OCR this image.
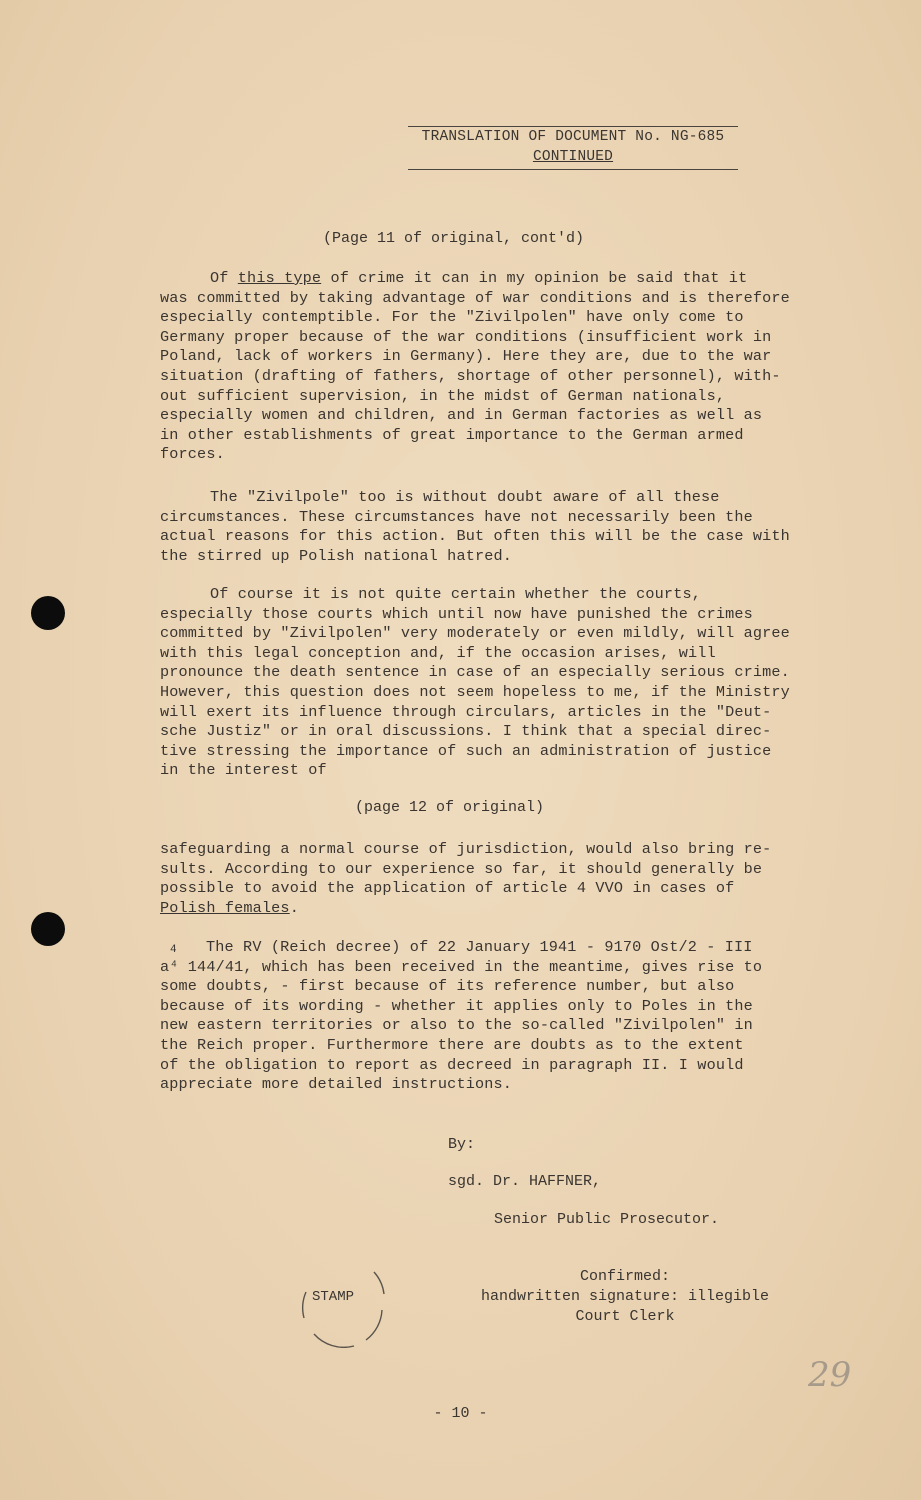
TRANSLATION OF DOCUMENT No. NG-685
CONTINUED
(Page 11 of original, cont'd)
Of this type of crime it can in my opinion be said that it
was committed by taking advantage of war conditions and is therefore
especially contemptible. For the "Zivilpolen" have only come to
Germany proper because of the war conditions (insufficient work in
Poland, lack of workers in Germany). Here they are, due to the war
situation (drafting of fathers, shortage of other personnel), with-
out sufficient supervision, in the midst of German nationals,
especially women and children, and in German factories as well as
in other establishments of great importance to the German armed
forces.
The "Zivilpole" too is without doubt aware of all these
circumstances. These circumstances have not necessarily been the
actual reasons for this action. But often this will be the case with
the stirred up Polish national hatred.
Of course it is not quite certain whether the courts,
especially those courts which until now have punished the crimes
committed by "Zivilpolen" very moderately or even mildly, will agree
with this legal conception and, if the occasion arises, will
pronounce the death sentence in case of an especially serious crime.
However, this question does not seem hopeless to me, if the Ministry
will exert its influence through circulars, articles in the "Deut-
sche Justiz" or in oral discussions. I think that a special direc-
tive stressing the importance of such an administration of justice
in the interest of
(page 12 of original)
safeguarding a normal course of jurisdiction, would also bring re-
sults. According to our experience so far, it should generally be
possible to avoid the application of article 4 VVO in cases of
Polish females.
The RV (Reich decree) of 22 January 1941 - 9170 Ost/2 - III
a⁴ 144/41, which has been received in the meantime, gives rise to
some doubts, - first because of its reference number, but also
because of its wording - whether it applies only to Poles in the
new eastern territories or also to the so-called "Zivilpolen" in
the Reich proper. Furthermore there are doubts as to the extent
of the obligation to report as decreed in paragraph II. I would
appreciate more detailed instructions.
4
By:
sgd. Dr. HAFFNER,
Senior Public Prosecutor.
STAMP
Confirmed:
handwritten signature: illegible
Court Clerk
29
- 10 -
